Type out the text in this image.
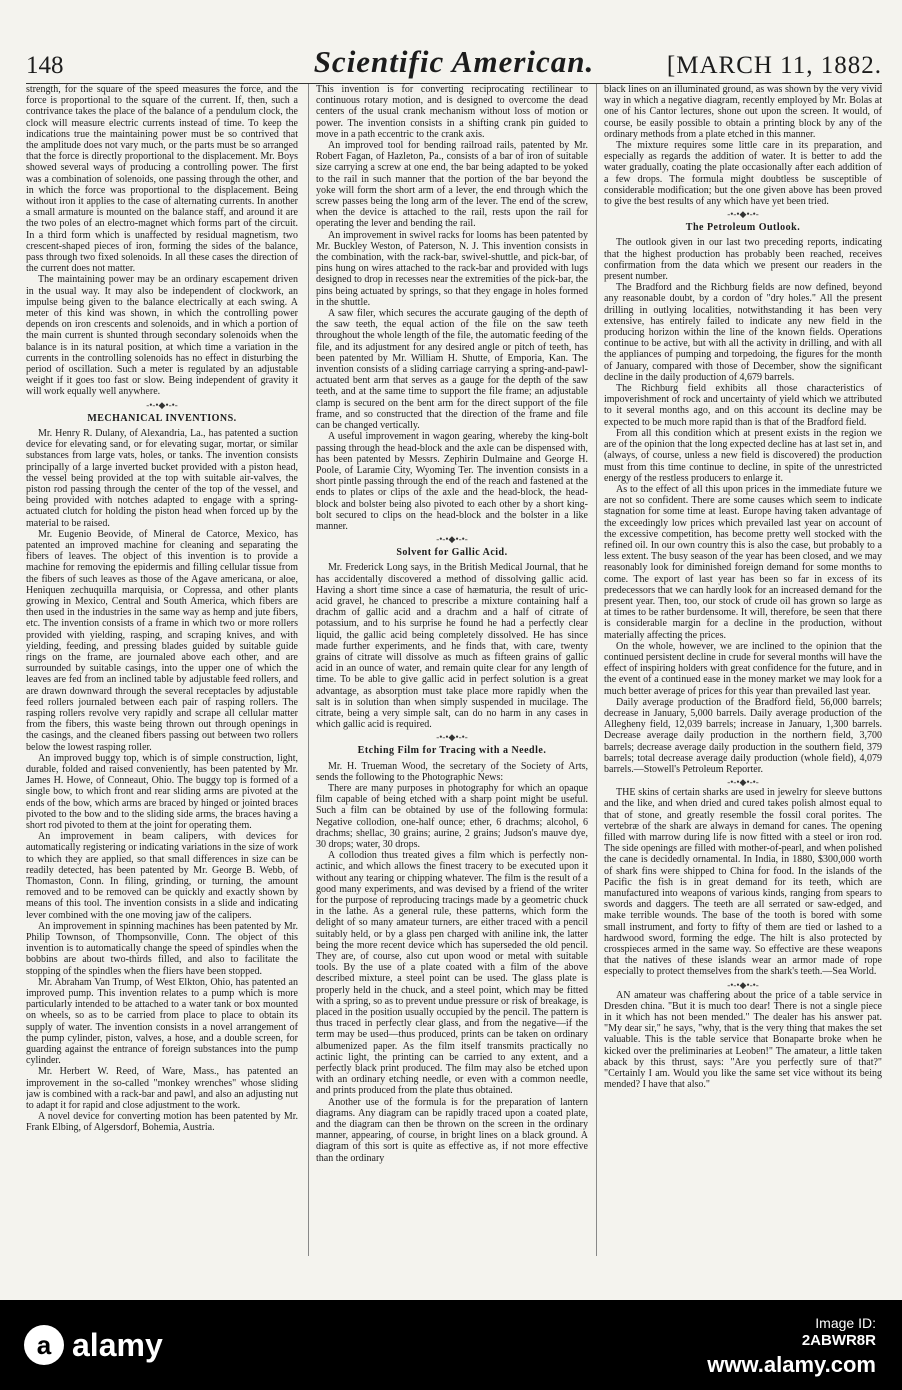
148	Scientific American.	[MARCH 11, 1882.

strength, for the square of the speed measures the force, and the force is proportional to the square of the current. If, then, such a contrivance takes the place of the balance of a pendulum clock, the clock will measure electric currents instead of time. To keep the indications true the maintaining power must be so contrived that the amplitude does not vary much, or the parts must be so arranged that the force is directly proportional to the displacement. Mr. Boys showed several ways of producing a controlling power. The first was a combination of solenoids, one passing through the other, and in which the force was proportional to the displacement. Being without iron it applies to the case of alternating currents. In another a small armature is mounted on the balance staff, and around it are the two poles of an electro-magnet which forms part of the circuit. In a third form which is unaffected by residual magnetism, two crescent-shaped pieces of iron, forming the sides of the balance, pass through two fixed solenoids. In all these cases the direction of the current does not matter.

The maintaining power may be an ordinary escapement driven in the usual way. It may also be independent of clockwork, an impulse being given to the balance electrically at each swing. A meter of this kind was shown, in which the controlling power depends on iron crescents and solenoids, and in which a portion of the main current is shunted through secondary solenoids when the balance is in its natural position, at which time a variation in the currents in the controlling solenoids has no effect in disturbing the period of oscillation. Such a meter is regulated by an adjustable weight if it goes too fast or slow. Being independent of gravity it will work equally well anywhere.

-•-•◆•-•-
MECHANICAL INVENTIONS.

Mr. Henry R. Dulany, of Alexandria, La., has patented a suction device for elevating sand, or for elevating sugar, mortar, or similar substances from large vats, holes, or tanks. The invention consists principally of a large inverted bucket provided with a piston head, the vessel being provided at the top with suitable air-valves, the piston rod passing through the center of the top of the vessel, and being provided with notches adapted to engage with a spring-actuated clutch for holding the piston head when forced up by the material to be raised.

Mr. Eugenio Beovide, of Mineral de Catorce, Mexico, has patented an improved machine for cleaning and separating the fibers of leaves. The object of this invention is to provide a machine for removing the epidermis and filling cellular tissue from the fibers of such leaves as those of the Agave americana, or aloe, Heniquen zechuquilla marquisia, or Copressa, and other plants growing in Mexico, Central and South America, which fibers are then used in the industries in the same way as hemp and jute fibers, etc. The invention consists of a frame in which two or more rollers provided with yielding, rasping, and scraping knives, and with yielding, feeding, and pressing blades guided by suitable guide rings on the frame, are journaled above each other, and are surrounded by suitable casings, into the upper one of which the leaves are fed from an inclined table by adjustable feed rollers, and are drawn downward through the several receptacles by adjustable feed rollers journaled between each pair of rasping rollers. The rasping rollers revolve very rapidly and scrape all cellular matter from the fibers, this waste being thrown out through openings in the casings, and the cleaned fibers passing out between two rollers below the lowest rasping roller.

An improved buggy top, which is of simple construction, light, durable, folded and raised conveniently, has been patented by Mr. James H. Howe, of Conneaut, Ohio. The buggy top is formed of a single bow, to which front and rear sliding arms are pivoted at the ends of the bow, which arms are braced by hinged or jointed braces pivoted to the bow and to the sliding side arms, the braces having a short rod pivoted to them at the joint for operating them.

An improvement in beam calipers, with devices for automatically registering or indicating variations in the size of work to which they are applied, so that small differences in size can be readily detected, has been patented by Mr. George B. Webb, of Thomaston, Conn. In filing, grinding, or turning, the amount removed and to be removed can be quickly and exactly shown by means of this tool. The invention consists in a slide and indicating lever combined with the one moving jaw of the calipers.

An improvement in spinning machines has been patented by Mr. Philip Townson, of Thompsonville, Conn. The object of this invention is to automatically change the speed of spindles when the bobbins are about two-thirds filled, and also to facilitate the stopping of the spindles when the fliers have been stopped.

Mr. Abraham Van Trump, of West Elkton, Ohio, has patented an improved pump. This invention relates to a pump which is more particularly intended to be attached to a water tank or box mounted on wheels, so as to be carried from place to place to obtain its supply of water. The invention consists in a novel arrangement of the pump cylinder, piston, valves, a hose, and a double screen, for guarding against the entrance of foreign substances into the pump cylinder.

Mr. Herbert W. Reed, of Ware, Mass., has patented an improvement in the so-called "monkey wrenches" whose sliding jaw is combined with a rack-bar and pawl, and also an adjusting nut to adapt it for rapid and close adjustment to the work.

A novel device for converting motion has been patented by Mr. Frank Elbing, of Algersdorf, Bohemia, Austria.

This invention is for converting reciprocating rectilinear to continuous rotary motion, and is designed to overcome the dead centers of the usual crank mechanism without loss of motion or power. The invention consists in a shifting crank pin guided to move in a path eccentric to the crank axis.

An improved tool for bending railroad rails, patented by Mr. Robert Fagan, of Hazleton, Pa., consists of a bar of iron of suitable size carrying a screw at one end, the bar being adapted to be yoked to the rail in such manner that the portion of the bar beyond the yoke will form the short arm of a lever, the end through which the screw passes being the long arm of the lever. The end of the screw, when the device is attached to the rail, rests upon the rail for operating the lever and bending the rail.

An improvement in swivel racks for looms has been patented by Mr. Buckley Weston, of Paterson, N. J. This invention consists in the combination, with the rack-bar, swivel-shuttle, and pick-bar, of pins hung on wires attached to the rack-bar and provided with lugs designed to drop in recesses near the extremities of the pick-bar, the pins being actuated by springs, so that they engage in holes formed in the shuttle.

A saw filer, which secures the accurate gauging of the depth of the saw teeth, the equal action of the file on the saw teeth throughout the whole length of the file, the automatic feeding of the file, and its adjustment for any desired angle or pitch of teeth, has been patented by Mr. William H. Shutte, of Emporia, Kan. The invention consists of a sliding carriage carrying a spring-and-pawl-actuated bent arm that serves as a gauge for the depth of the saw teeth, and at the same time to support the file frame; an adjustable clamp is secured on the bent arm for the direct support of the file frame, and so constructed that the direction of the frame and file can be changed vertically.

A useful improvement in wagon gearing, whereby the king-bolt passing through the head-block and the axle can be dispensed with, has been patented by Messrs. Zephirin Dulmaine and George H. Poole, of Laramie City, Wyoming Ter. The invention consists in a short pintle passing through the end of the reach and fastened at the ends to plates or clips of the axle and the head-block, the head-block and bolster being also pivoted to each other by a short king-bolt secured to clips on the head-block and the bolster in a like manner.

-•-•◆•-•-
Solvent for Gallic Acid.

Mr. Frederick Long says, in the British Medical Journal, that he has accidentally discovered a method of dissolving gallic acid. Having a short time since a case of hæmaturia, the result of uric-acid gravel, he chanced to prescribe a mixture containing half a drachm of gallic acid and a drachm and a half of citrate of potassium, and to his surprise he found he had a perfectly clear liquid, the gallic acid being completely dissolved. He has since made further experiments, and he finds that, with care, twenty grains of citrate will dissolve as much as fifteen grains of gallic acid in an ounce of water, and remain quite clear for any length of time. To be able to give gallic acid in perfect solution is a great advantage, as absorption must take place more rapidly when the salt is in solution than when simply suspended in mucilage. The citrate, being a very simple salt, can do no harm in any cases in which gallic acid is required.

-•-•◆•-•-
Etching Film for Tracing with a Needle.

Mr. H. Trueman Wood, the secretary of the Society of Arts, sends the following to the Photographic News:

There are many purposes in photography for which an opaque film capable of being etched with a sharp point might be useful. Such a film can be obtained by use of the following formula: Negative collodion, one-half ounce; ether, 6 drachms; alcohol, 6 drachms; shellac, 30 grains; aurine, 2 grains; Judson's mauve dye, 30 drops; water, 30 drops.

A collodion thus treated gives a film which is perfectly non-actinic, and which allows the finest tracery to be executed upon it without any tearing or chipping whatever. The film is the result of a good many experiments, and was devised by a friend of the writer for the purpose of reproducing tracings made by a geometric chuck in the lathe. As a general rule, these patterns, which form the delight of so many amateur turners, are either traced with a pencil suitably held, or by a glass pen charged with aniline ink, the latter being the more recent device which has superseded the old pencil. They are, of course, also cut upon wood or metal with suitable tools. By the use of a plate coated with a film of the above described mixture, a steel point can be used. The glass plate is properly held in the chuck, and a steel point, which may be fitted with a spring, so as to prevent undue pressure or risk of breakage, is placed in the position usually occupied by the pencil. The pattern is thus traced in perfectly clear glass, and from the negative—if the term may be used—thus produced, prints can be taken on ordinary albumenized paper. As the film itself transmits practically no actinic light, the printing can be carried to any extent, and a perfectly black print produced. The film may also be etched upon with an ordinary etching needle, or even with a common needle, and prints produced from the plate thus obtained.

Another use of the formula is for the preparation of lantern diagrams. Any diagram can be rapidly traced upon a coated plate, and the diagram can then be thrown on the screen in the ordinary manner, appearing, of course, in bright lines on a black ground. A diagram of this sort is quite as effective as, if not more effective than the ordinary

black lines on an illuminated ground, as was shown by the very vivid way in which a negative diagram, recently employed by Mr. Bolas at one of his Cantor lectures, shone out upon the screen. It would, of course, be easily possible to obtain a printing block by any of the ordinary methods from a plate etched in this manner.

The mixture requires some little care in its preparation, and especially as regards the addition of water. It is better to add the water gradually, coating the plate occasionally after each addition of a few drops. The formula might doubtless be susceptible of considerable modification; but the one given above has been proved to give the best results of any which have yet been tried.

-•-•◆•-•-
The Petroleum Outlook.

The outlook given in our last two preceding reports, indicating that the highest production has probably been reached, receives confirmation from the data which we present our readers in the present number.

The Bradford and the Richburg fields are now defined, beyond any reasonable doubt, by a cordon of "dry holes." All the present drilling in outlying localities, notwithstanding it has been very extensive, has entirely failed to indicate any new field in the producing horizon within the line of the known fields. Operations continue to be active, but with all the activity in drilling, and with all the appliances of pumping and torpedoing, the figures for the month of January, compared with those of December, show the significant decline in the daily production of 4,679 barrels.

The Richburg field exhibits all those characteristics of impoverishment of rock and uncertainty of yield which we attributed to it several months ago, and on this account its decline may be expected to be much more rapid than is that of the Bradford field.

From all this condition which at present exists in the region we are of the opinion that the long expected decline has at last set in, and (always, of course, unless a new field is discovered) the production must from this time continue to decline, in spite of the unrestricted energy of the restless producers to enlarge it.

As to the effect of all this upon prices in the immediate future we are not so confident. There are some causes which seem to indicate stagnation for some time at least. Europe having taken advantage of the exceedingly low prices which prevailed last year on account of the excessive competition, has become pretty well stocked with the refined oil. In our own country this is also the case, but probably to a less extent. The busy season of the year has been closed, and we may reasonably look for diminished foreign demand for some months to come. The export of last year has been so far in excess of its predecessors that we can hardly look for an increased demand for the present year. Then, too, our stock of crude oil has grown so large as at times to be rather burdensome. It will, therefore, be seen that there is considerable margin for a decline in the production, without materially affecting the prices.

On the whole, however, we are inclined to the opinion that the continued persistent decline in crude for several months will have the effect of inspiring holders with great confidence for the future, and in the event of a continued ease in the money market we may look for a much better average of prices for this year than prevailed last year.

Daily average production of the Bradford field, 56,000 barrels; decrease in January, 5,000 barrels. Daily average production of the Allegheny field, 12,039 barrels; increase in January, 1,300 barrels. Decrease average daily production in the northern field, 3,700 barrels; decrease average daily production in the southern field, 379 barrels; total decrease average daily production (whole field), 4,079 barrels.—Stowell's Petroleum Reporter.

-•-•◆•-•-

THE skins of certain sharks are used in jewelry for sleeve buttons and the like, and when dried and cured takes polish almost equal to that of stone, and greatly resemble the fossil coral porites. The vertebræ of the shark are always in demand for canes. The opening filled with marrow during life is now fitted with a steel or iron rod. The side openings are filled with mother-of-pearl, and when polished the cane is decidedly ornamental. In India, in 1880, $300,000 worth of shark fins were shipped to China for food. In the islands of the Pacific the fish is in great demand for its teeth, which are manufactured into weapons of various kinds, ranging from spears to swords and daggers. The teeth are all serrated or saw-edged, and make terrible wounds. The base of the tooth is bored with some small instrument, and forty to fifty of them are tied or lashed to a hardwood sword, forming the edge. The hilt is also protected by crosspieces armed in the same way. So effective are these weapons that the natives of these islands wear an armor made of rope especially to protect themselves from the shark's teeth.—Sea World.

-•-•◆•-•-

AN amateur was chaffering about the price of a table service in Dresden china. "But it is much too dear! There is not a single piece in it which has not been mended." The dealer has his answer pat. "My dear sir," he says, "why, that is the very thing that makes the set valuable. This is the table service that Bonaparte broke when he kicked over the preliminaries at Leoben!" The amateur, a little taken aback by this thrust, says: "Are you perfectly sure of that?" "Certainly I am. Would you like the same set vice without its being mended? I have that also."

a alamy
Image ID:
2ABWR8R
www.alamy.com
